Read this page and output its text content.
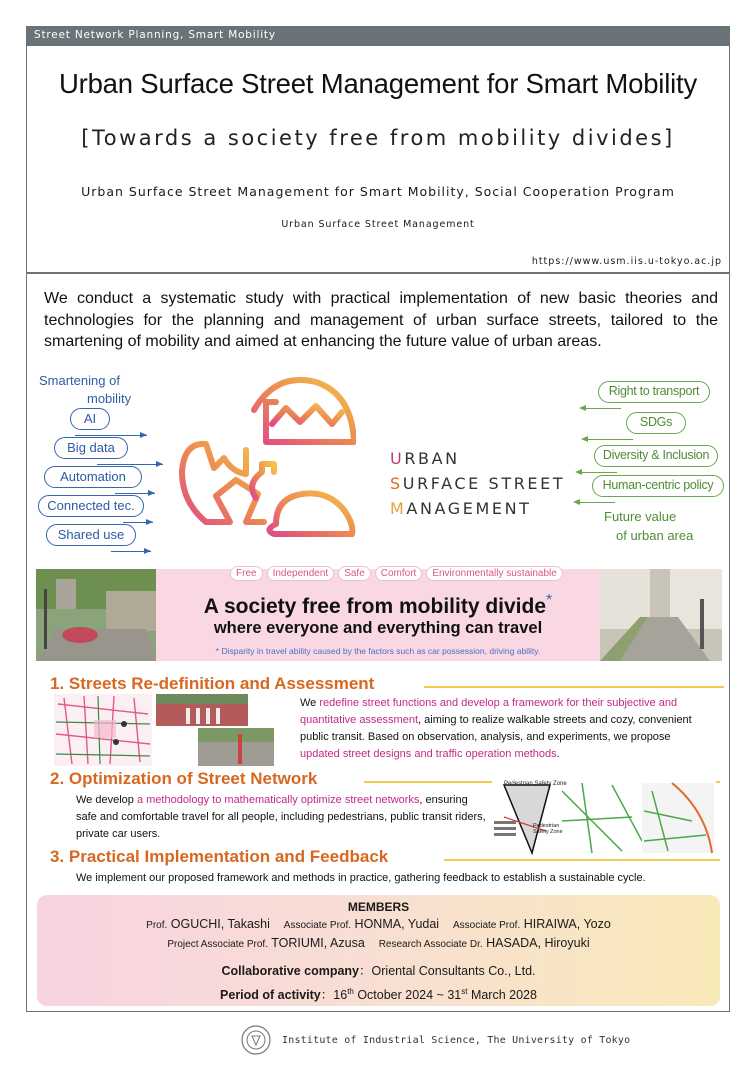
Street Network Planning, Smart Mobility
Urban Surface Street Management for Smart Mobility
[Towards a society free from mobility divides]
Urban Surface Street Management for Smart Mobility, Social Cooperation Program
Urban Surface Street Management
https://www.usm.iis.u-tokyo.ac.jp
We conduct a systematic study with practical implementation of new basic theories and technologies for the planning and management of urban surface streets, tailored to the smartening of mobility and aimed at enhancing the future value of urban areas.
Smartening of
mobility
AI
Big data
Automation
Connected tec.
Shared use
URBAN
SURFACE STREET
MANAGEMENT
Right to transport
SDGs
Diversity & Inclusion
Human-centric policy
Future value
of urban area
Free	Independent	Safe	Comfort	Environmentally sustainable
A society free from mobility divide*
where everyone and everything can travel
* Disparity in travel ability caused by the factors such as car possession, driving ability.
1. Streets Re-definition and Assessment
We redefine street functions and develop a framework for their subjective and quantitative assessment, aiming to realize walkable streets and cozy, convenient public transit. Based on observation, analysis, and experiments, we propose updated street designs and traffic operation methods.
2. Optimization of Street Network
We develop a methodology to mathematically optimize street networks, ensuring safe and comfortable travel for all people, including pedestrians, public transit riders, private car users.
Pedestrian Safety Zone
Pedestrian Safety Zone
3. Practical Implementation and Feedback
We implement our proposed framework and methods in practice, gathering feedback to establish a sustainable cycle.
MEMBERS
Prof. OGUCHI, Takashi Associate Prof. HONMA, Yudai Associate Prof. HIRAIWA, Yozo
Project Associate Prof. TORIUMI, Azusa Research Associate Dr. HASADA, Hiroyuki
Collaborative company：Oriental Consultants Co., Ltd.
Period of activity：16th October 2024 ~ 31st March 2028
Institute of Industrial Science, The University of Tokyo
